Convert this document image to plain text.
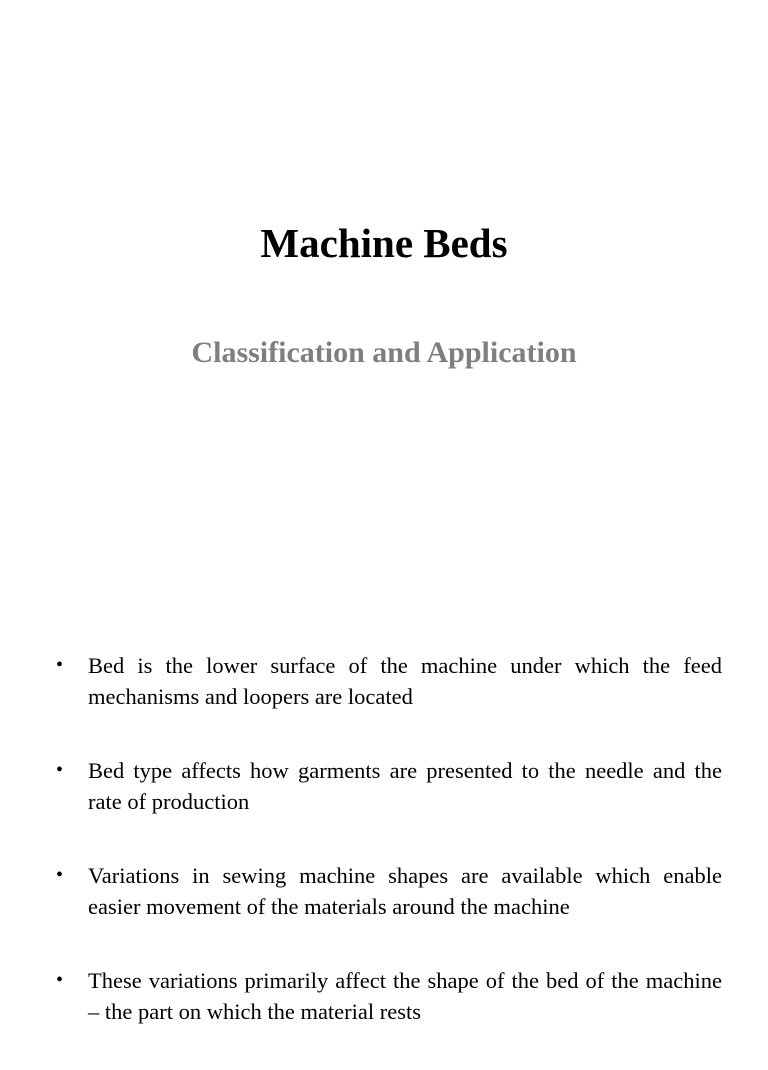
Machine Beds
Classification and Application
•	Bed is the lower surface of the machine under which the feed mechanisms and loopers are located
•	Bed type affects how garments are presented to the needle and the rate of production
•	Variations in sewing machine shapes are available which enable easier movement of the materials around the machine
•	These variations primarily affect the shape of the bed of the machine – the part on which the material rests
